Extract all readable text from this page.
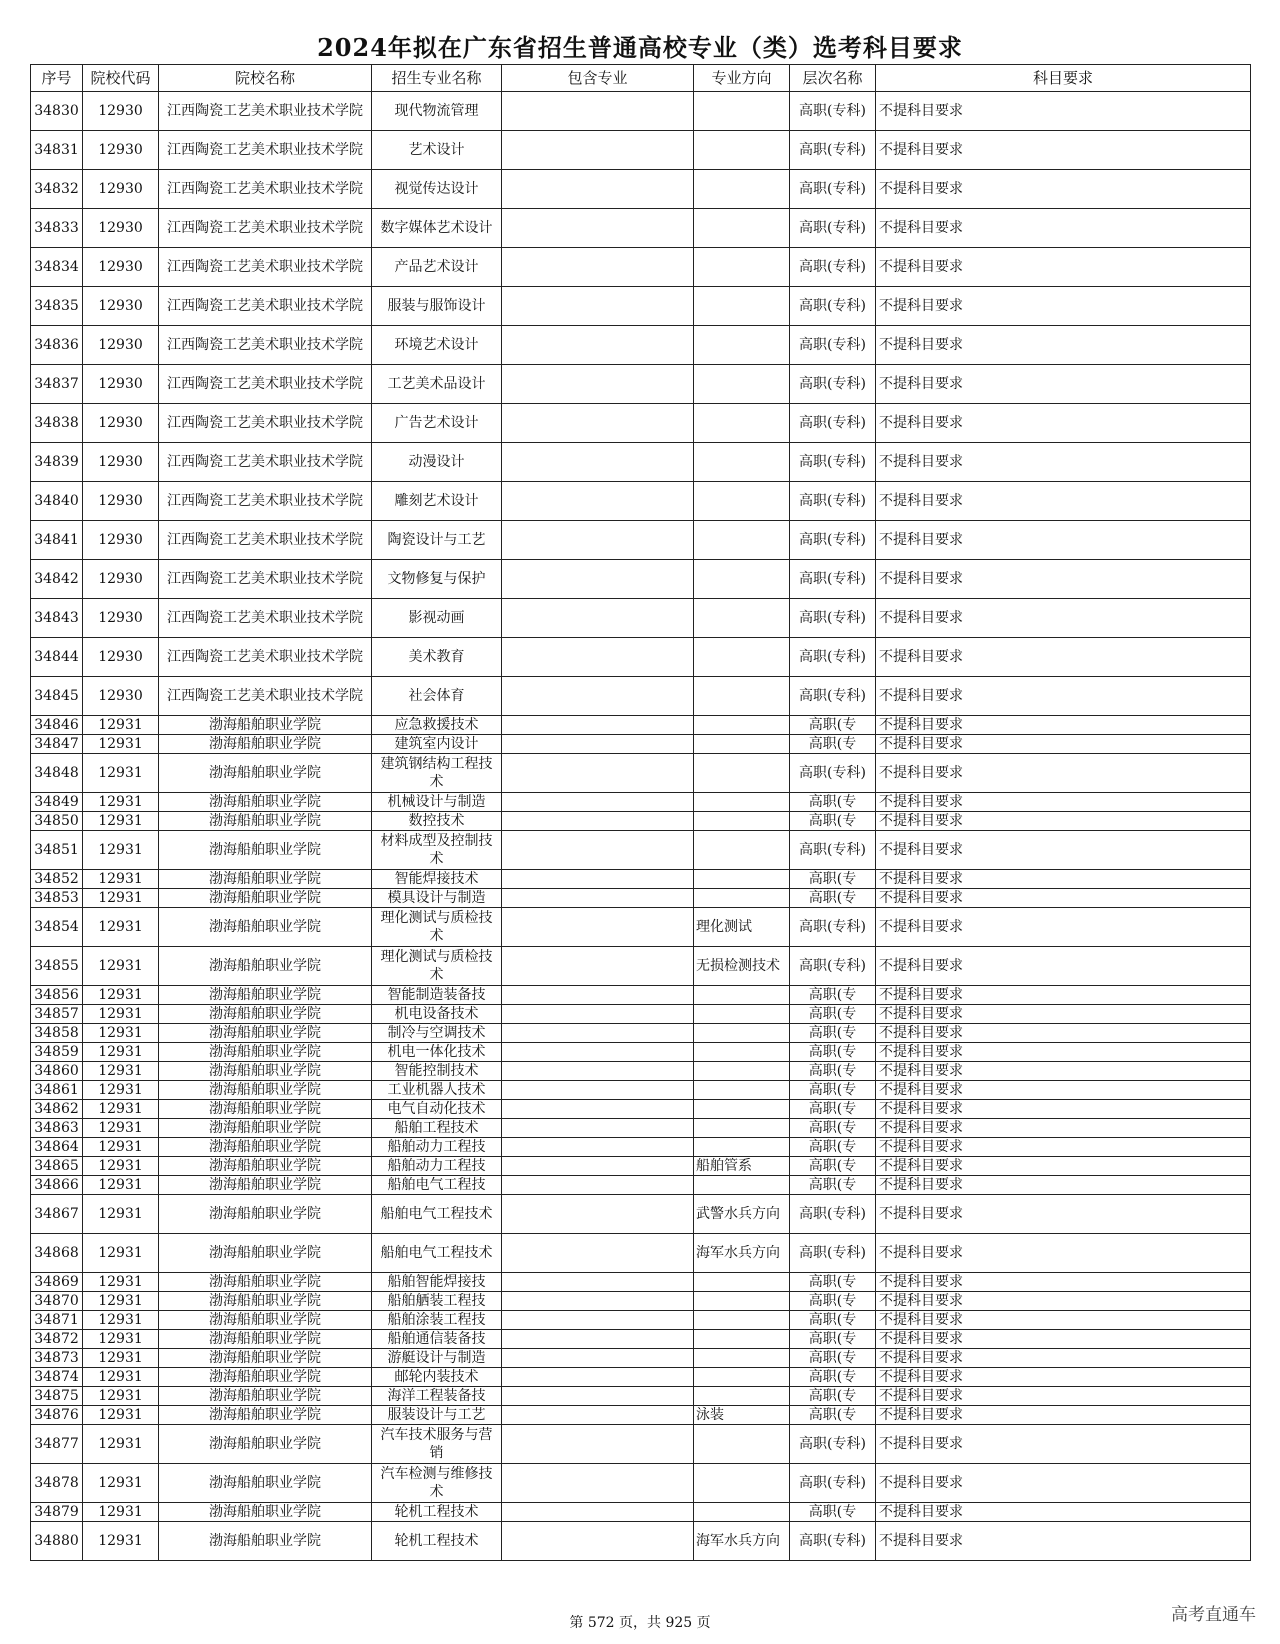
2024年拟在广东省招生普通高校专业（类）选考科目要求
序号	院校代码	院校名称	招生专业名称	包含专业	专业方向	层次名称	科目要求
34830	12930	江西陶瓷工艺美术职业技术学院	现代物流管理			高职(专科)	不提科目要求
34831	12930	江西陶瓷工艺美术职业技术学院	艺术设计			高职(专科)	不提科目要求
34832	12930	江西陶瓷工艺美术职业技术学院	视觉传达设计			高职(专科)	不提科目要求
34833	12930	江西陶瓷工艺美术职业技术学院	数字媒体艺术设计			高职(专科)	不提科目要求
34834	12930	江西陶瓷工艺美术职业技术学院	产品艺术设计			高职(专科)	不提科目要求
34835	12930	江西陶瓷工艺美术职业技术学院	服装与服饰设计			高职(专科)	不提科目要求
34836	12930	江西陶瓷工艺美术职业技术学院	环境艺术设计			高职(专科)	不提科目要求
34837	12930	江西陶瓷工艺美术职业技术学院	工艺美术品设计			高职(专科)	不提科目要求
34838	12930	江西陶瓷工艺美术职业技术学院	广告艺术设计			高职(专科)	不提科目要求
34839	12930	江西陶瓷工艺美术职业技术学院	动漫设计			高职(专科)	不提科目要求
34840	12930	江西陶瓷工艺美术职业技术学院	雕刻艺术设计			高职(专科)	不提科目要求
34841	12930	江西陶瓷工艺美术职业技术学院	陶瓷设计与工艺			高职(专科)	不提科目要求
34842	12930	江西陶瓷工艺美术职业技术学院	文物修复与保护			高职(专科)	不提科目要求
34843	12930	江西陶瓷工艺美术职业技术学院	影视动画			高职(专科)	不提科目要求
34844	12930	江西陶瓷工艺美术职业技术学院	美术教育			高职(专科)	不提科目要求
34845	12930	江西陶瓷工艺美术职业技术学院	社会体育			高职(专科)	不提科目要求
34846	12931	渤海船舶职业学院	应急救援技术			高职(专	不提科目要求
34847	12931	渤海船舶职业学院	建筑室内设计			高职(专	不提科目要求
34848	12931	渤海船舶职业学院	建筑钢结构工程技术			高职(专科)	不提科目要求
34849	12931	渤海船舶职业学院	机械设计与制造			高职(专	不提科目要求
34850	12931	渤海船舶职业学院	数控技术			高职(专	不提科目要求
34851	12931	渤海船舶职业学院	材料成型及控制技术			高职(专科)	不提科目要求
34852	12931	渤海船舶职业学院	智能焊接技术			高职(专	不提科目要求
34853	12931	渤海船舶职业学院	模具设计与制造			高职(专	不提科目要求
34854	12931	渤海船舶职业学院	理化测试与质检技术		理化测试	高职(专科)	不提科目要求
34855	12931	渤海船舶职业学院	理化测试与质检技术		无损检测技术	高职(专科)	不提科目要求
34856	12931	渤海船舶职业学院	智能制造装备技			高职(专	不提科目要求
34857	12931	渤海船舶职业学院	机电设备技术			高职(专	不提科目要求
34858	12931	渤海船舶职业学院	制冷与空调技术			高职(专	不提科目要求
34859	12931	渤海船舶职业学院	机电一体化技术			高职(专	不提科目要求
34860	12931	渤海船舶职业学院	智能控制技术			高职(专	不提科目要求
34861	12931	渤海船舶职业学院	工业机器人技术			高职(专	不提科目要求
34862	12931	渤海船舶职业学院	电气自动化技术			高职(专	不提科目要求
34863	12931	渤海船舶职业学院	船舶工程技术			高职(专	不提科目要求
34864	12931	渤海船舶职业学院	船舶动力工程技			高职(专	不提科目要求
34865	12931	渤海船舶职业学院	船舶动力工程技		船舶管系	高职(专	不提科目要求
34866	12931	渤海船舶职业学院	船舶电气工程技			高职(专	不提科目要求
34867	12931	渤海船舶职业学院	船舶电气工程技术		武警水兵方向	高职(专科)	不提科目要求
34868	12931	渤海船舶职业学院	船舶电气工程技术		海军水兵方向	高职(专科)	不提科目要求
34869	12931	渤海船舶职业学院	船舶智能焊接技			高职(专	不提科目要求
34870	12931	渤海船舶职业学院	船舶舾装工程技			高职(专	不提科目要求
34871	12931	渤海船舶职业学院	船舶涂装工程技			高职(专	不提科目要求
34872	12931	渤海船舶职业学院	船舶通信装备技			高职(专	不提科目要求
34873	12931	渤海船舶职业学院	游艇设计与制造			高职(专	不提科目要求
34874	12931	渤海船舶职业学院	邮轮内装技术			高职(专	不提科目要求
34875	12931	渤海船舶职业学院	海洋工程装备技			高职(专	不提科目要求
34876	12931	渤海船舶职业学院	服装设计与工艺		泳装	高职(专	不提科目要求
34877	12931	渤海船舶职业学院	汽车技术服务与营销			高职(专科)	不提科目要求
34878	12931	渤海船舶职业学院	汽车检测与维修技术			高职(专科)	不提科目要求
34879	12931	渤海船舶职业学院	轮机工程技术			高职(专	不提科目要求
34880	12931	渤海船舶职业学院	轮机工程技术		海军水兵方向	高职(专科)	不提科目要求
第 572 页，共 925 页	高考直通车
